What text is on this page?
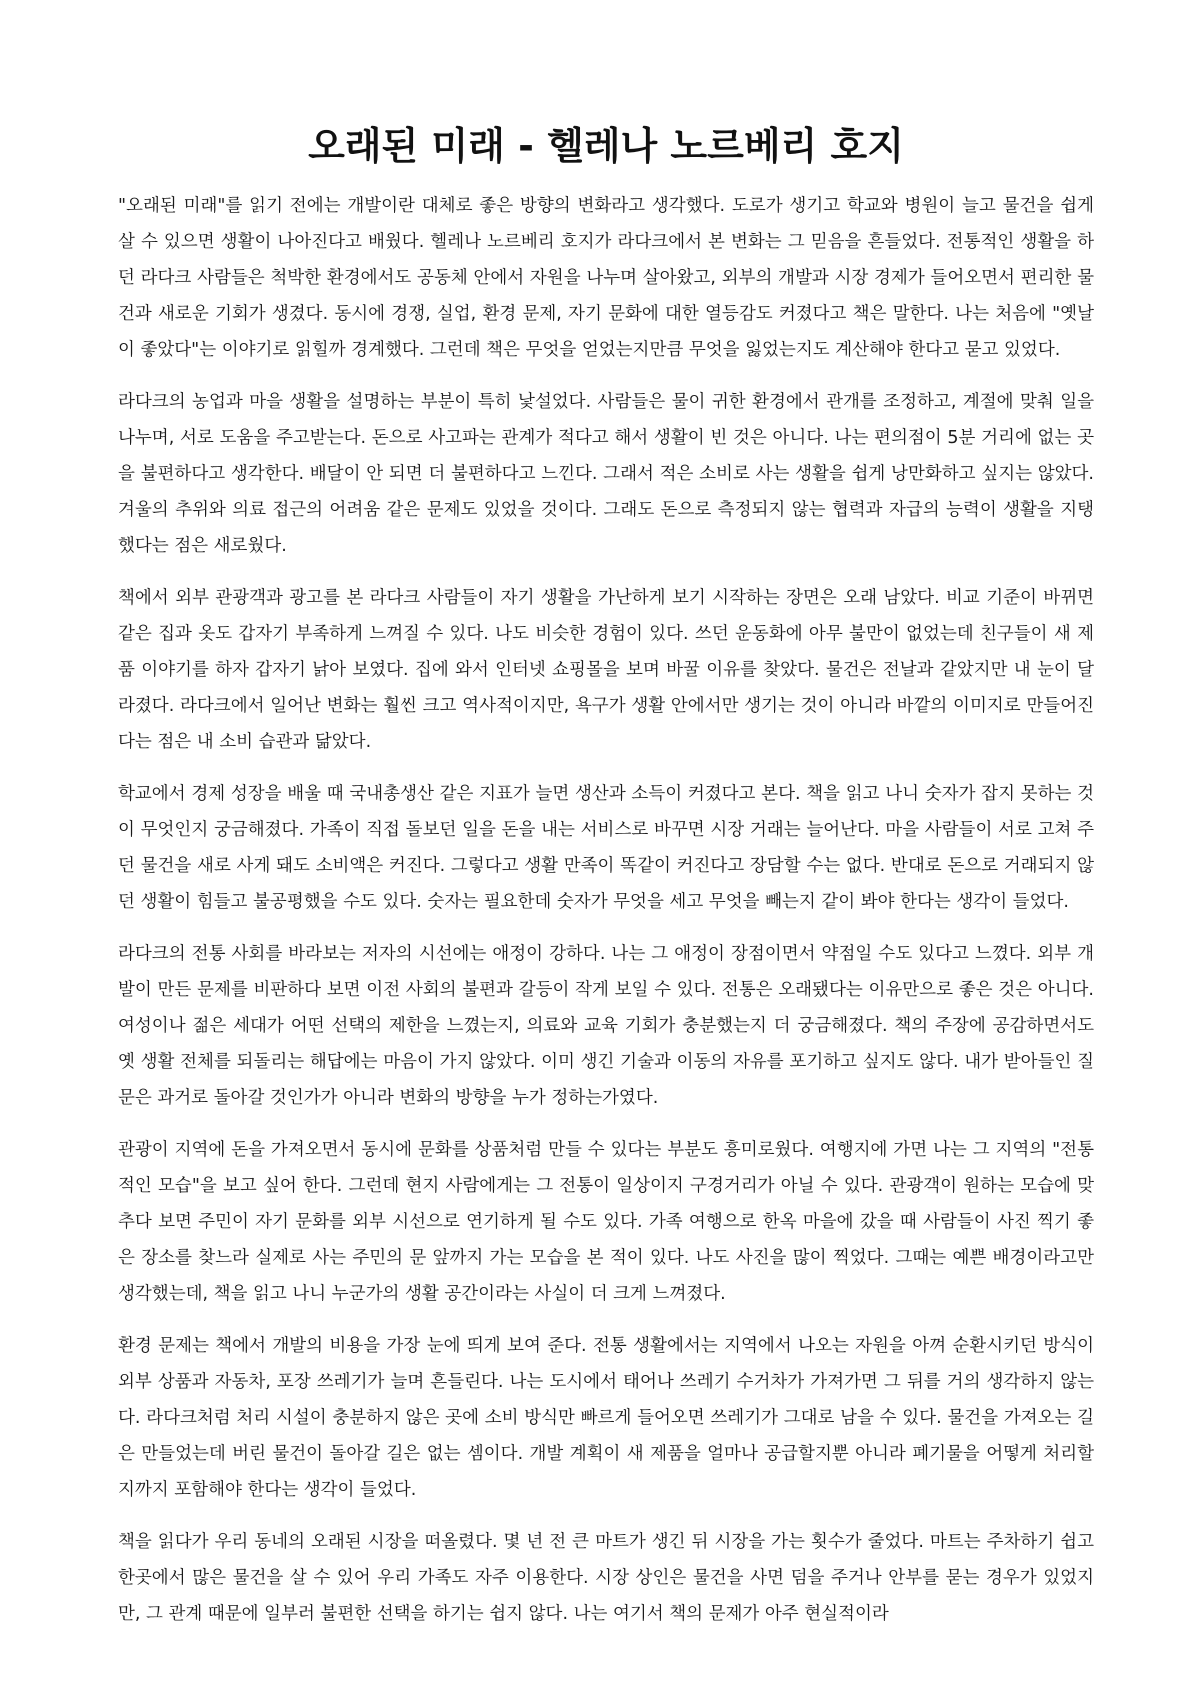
오래된 미래 - 헬레나 노르베리 호지

"오래된 미래"를 읽기 전에는 개발이란 대체로 좋은 방향의 변화라고 생각했다. 도로가 생기고 학교와 병원이 늘고 물건을 쉽게 살 수 있으면 생활이 나아진다고 배웠다. 헬레나 노르베리 호지가 라다크에서 본 변화는 그 믿음을 흔들었다. 전통적인 생활을 하던 라다크 사람들은 척박한 환경에서도 공동체 안에서 자원을 나누며 살아왔고, 외부의 개발과 시장 경제가 들어오면서 편리한 물건과 새로운 기회가 생겼다. 동시에 경쟁, 실업, 환경 문제, 자기 문화에 대한 열등감도 커졌다고 책은 말한다. 나는 처음에 "옛날이 좋았다"는 이야기로 읽힐까 경계했다. 그런데 책은 무엇을 얻었는지만큼 무엇을 잃었는지도 계산해야 한다고 묻고 있었다.

라다크의 농업과 마을 생활을 설명하는 부분이 특히 낯설었다. 사람들은 물이 귀한 환경에서 관개를 조정하고, 계절에 맞춰 일을 나누며, 서로 도움을 주고받는다. 돈으로 사고파는 관계가 적다고 해서 생활이 빈 것은 아니다. 나는 편의점이 5분 거리에 없는 곳을 불편하다고 생각한다. 배달이 안 되면 더 불편하다고 느낀다. 그래서 적은 소비로 사는 생활을 쉽게 낭만화하고 싶지는 않았다. 겨울의 추위와 의료 접근의 어려움 같은 문제도 있었을 것이다. 그래도 돈으로 측정되지 않는 협력과 자급의 능력이 생활을 지탱했다는 점은 새로웠다.

책에서 외부 관광객과 광고를 본 라다크 사람들이 자기 생활을 가난하게 보기 시작하는 장면은 오래 남았다. 비교 기준이 바뀌면 같은 집과 옷도 갑자기 부족하게 느껴질 수 있다. 나도 비슷한 경험이 있다. 쓰던 운동화에 아무 불만이 없었는데 친구들이 새 제품 이야기를 하자 갑자기 낡아 보였다. 집에 와서 인터넷 쇼핑몰을 보며 바꿀 이유를 찾았다. 물건은 전날과 같았지만 내 눈이 달라졌다. 라다크에서 일어난 변화는 훨씬 크고 역사적이지만, 욕구가 생활 안에서만 생기는 것이 아니라 바깥의 이미지로 만들어진다는 점은 내 소비 습관과 닮았다.

학교에서 경제 성장을 배울 때 국내총생산 같은 지표가 늘면 생산과 소득이 커졌다고 본다. 책을 읽고 나니 숫자가 잡지 못하는 것이 무엇인지 궁금해졌다. 가족이 직접 돌보던 일을 돈을 내는 서비스로 바꾸면 시장 거래는 늘어난다. 마을 사람들이 서로 고쳐 주던 물건을 새로 사게 돼도 소비액은 커진다. 그렇다고 생활 만족이 똑같이 커진다고 장담할 수는 없다. 반대로 돈으로 거래되지 않던 생활이 힘들고 불공평했을 수도 있다. 숫자는 필요한데 숫자가 무엇을 세고 무엇을 빼는지 같이 봐야 한다는 생각이 들었다.

라다크의 전통 사회를 바라보는 저자의 시선에는 애정이 강하다. 나는 그 애정이 장점이면서 약점일 수도 있다고 느꼈다. 외부 개발이 만든 문제를 비판하다 보면 이전 사회의 불편과 갈등이 작게 보일 수 있다. 전통은 오래됐다는 이유만으로 좋은 것은 아니다. 여성이나 젊은 세대가 어떤 선택의 제한을 느꼈는지, 의료와 교육 기회가 충분했는지 더 궁금해졌다. 책의 주장에 공감하면서도 옛 생활 전체를 되돌리는 해답에는 마음이 가지 않았다. 이미 생긴 기술과 이동의 자유를 포기하고 싶지도 않다. 내가 받아들인 질문은 과거로 돌아갈 것인가가 아니라 변화의 방향을 누가 정하는가였다.

관광이 지역에 돈을 가져오면서 동시에 문화를 상품처럼 만들 수 있다는 부분도 흥미로웠다. 여행지에 가면 나는 그 지역의 "전통적인 모습"을 보고 싶어 한다. 그런데 현지 사람에게는 그 전통이 일상이지 구경거리가 아닐 수 있다. 관광객이 원하는 모습에 맞추다 보면 주민이 자기 문화를 외부 시선으로 연기하게 될 수도 있다. 가족 여행으로 한옥 마을에 갔을 때 사람들이 사진 찍기 좋은 장소를 찾느라 실제로 사는 주민의 문 앞까지 가는 모습을 본 적이 있다. 나도 사진을 많이 찍었다. 그때는 예쁜 배경이라고만 생각했는데, 책을 읽고 나니 누군가의 생활 공간이라는 사실이 더 크게 느껴졌다.

환경 문제는 책에서 개발의 비용을 가장 눈에 띄게 보여 준다. 전통 생활에서는 지역에서 나오는 자원을 아껴 순환시키던 방식이 외부 상품과 자동차, 포장 쓰레기가 늘며 흔들린다. 나는 도시에서 태어나 쓰레기 수거차가 가져가면 그 뒤를 거의 생각하지 않는다. 라다크처럼 처리 시설이 충분하지 않은 곳에 소비 방식만 빠르게 들어오면 쓰레기가 그대로 남을 수 있다. 물건을 가져오는 길은 만들었는데 버린 물건이 돌아갈 길은 없는 셈이다. 개발 계획이 새 제품을 얼마나 공급할지뿐 아니라 폐기물을 어떻게 처리할지까지 포함해야 한다는 생각이 들었다.

책을 읽다가 우리 동네의 오래된 시장을 떠올렸다. 몇 년 전 큰 마트가 생긴 뒤 시장을 가는 횟수가 줄었다. 마트는 주차하기 쉽고 한곳에서 많은 물건을 살 수 있어 우리 가족도 자주 이용한다. 시장 상인은 물건을 사면 덤을 주거나 안부를 묻는 경우가 있었지만, 그 관계 때문에 일부러 불편한 선택을 하기는 쉽지 않다. 나는 여기서 책의 문제가 아주 현실적이라
